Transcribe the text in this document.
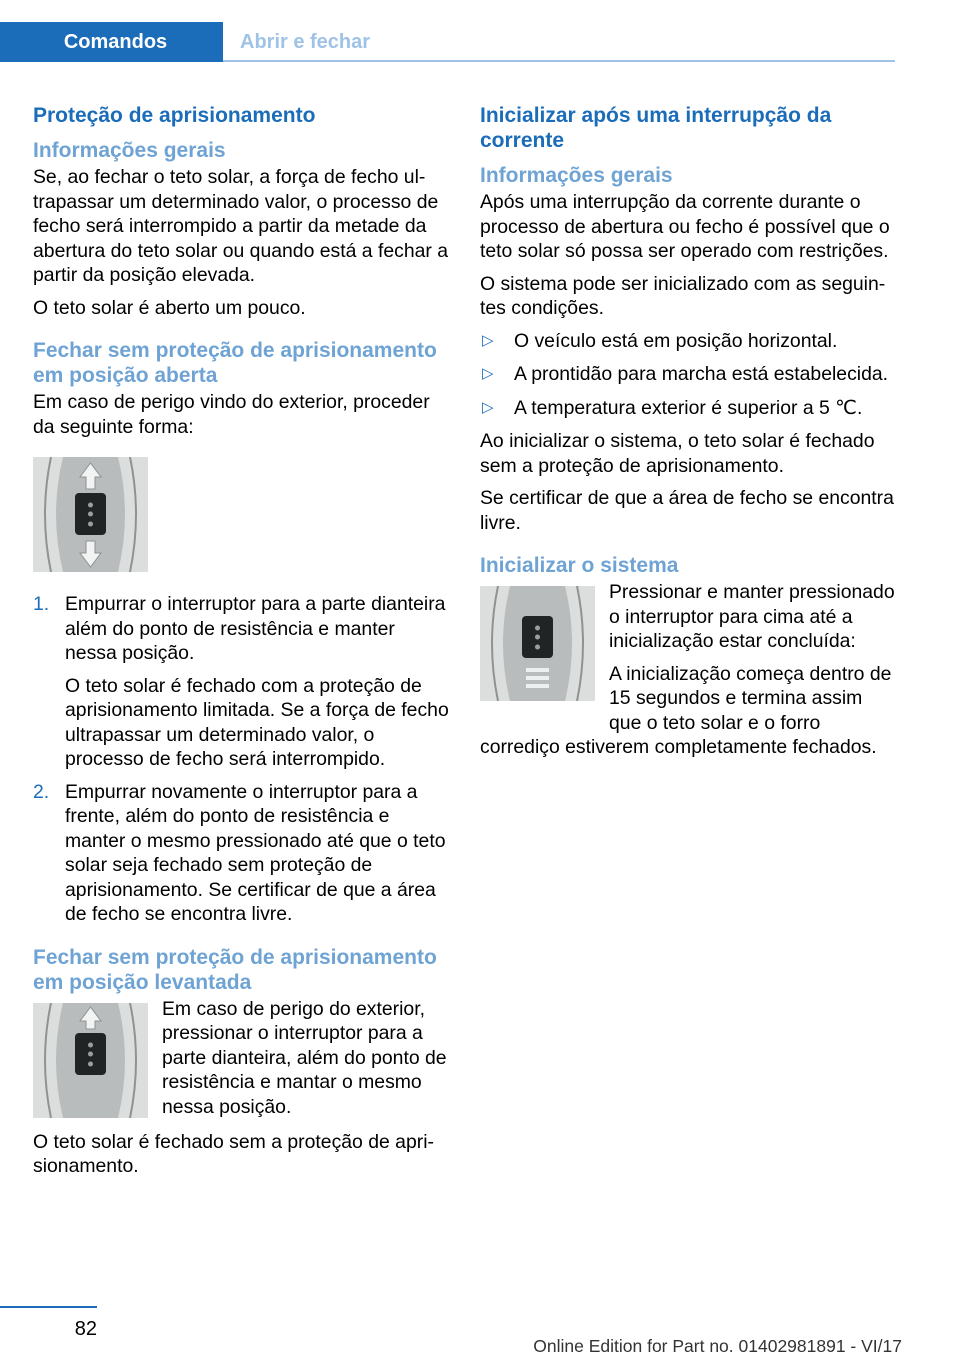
Comandos	Abrir e fechar
Proteção de aprisionamento
Informações gerais

Se, ao fechar o teto solar, a força de fecho ultrapassar um determinado valor, o processo de fecho será interrompido a partir da metade da abertura do teto solar ou quando está a fechar a partir da posição elevada.

O teto solar é aberto um pouco.

Fechar sem proteção de aprisionamento em posição aberta

Em caso de perigo vindo do exterior, proceder da seguinte forma:

1. Empurrar o interruptor para a parte dianteira além do ponto de resistência e manter nessa posição.

O teto solar é fechado com a proteção de aprisionamento limitada. Se a força de fecho ultrapassar um determinado valor, o processo de fecho será interrompido.

2. Empurrar novamente o interruptor para a frente, além do ponto de resistência e manter o mesmo pressionado até que o teto solar seja fechado sem proteção de aprisionamento. Se certificar de que a área de fecho se encontra livre.

Fechar sem proteção de aprisionamento em posição levantada

Em caso de perigo do exterior, pressionar o interruptor para a parte dianteira, além do ponto de resistência e mantar o mesmo nessa posição.

O teto solar é fechado sem a proteção de aprisionamento.

Inicializar após uma interrupção da corrente
Informações gerais

Após uma interrupção da corrente durante o processo de abertura ou fecho é possível que o teto solar só possa ser operado com restrições.

O sistema pode ser inicializado com as seguintes condições.

▷ O veículo está em posição horizontal.
▷ A prontidão para marcha está estabelecida.
▷ A temperatura exterior é superior a 5 ℃.

Ao inicializar o sistema, o teto solar é fechado sem a proteção de aprisionamento.

Se certificar de que a área de fecho se encontra livre.

Inicializar o sistema

Pressionar e manter pressionado o interruptor para cima até a inicialização estar concluída:

A inicialização começa dentro de 15 segundos e termina assim que o teto solar e o forro corrediço estiverem completamente fechados.

82
Online Edition for Part no. 01402981891 - VI/17
